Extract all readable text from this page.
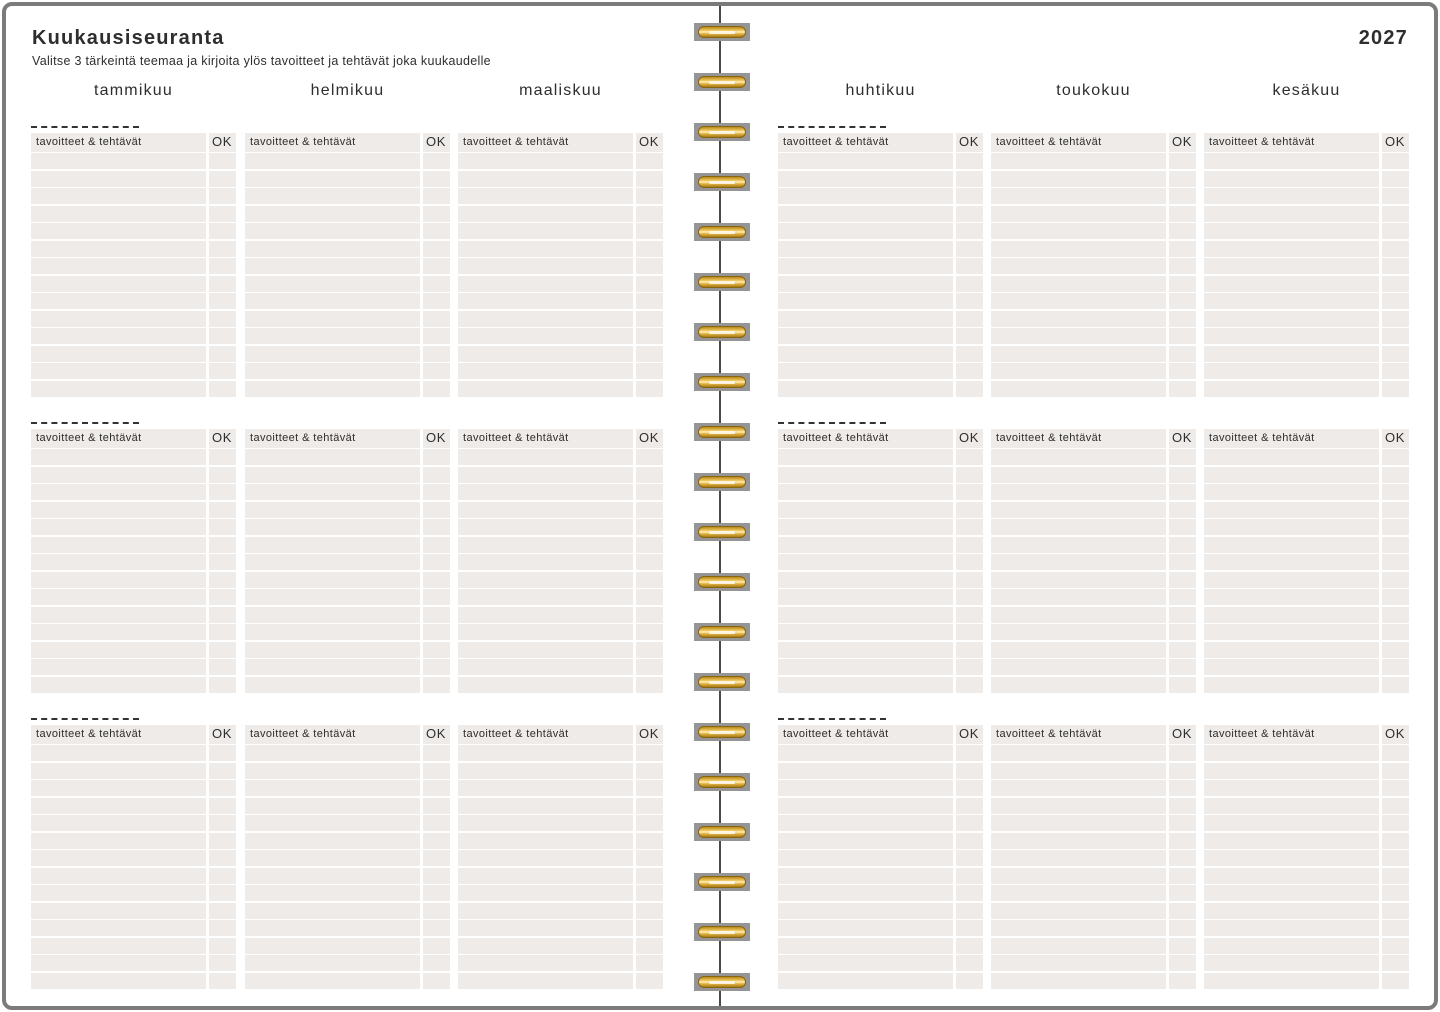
Kuukausiseuranta
Valitse 3 tärkeintä teemaa ja kirjoita ylös tavoitteet ja tehtävät joka kuukaudelle
2027
tammikuu	helmikuu	maaliskuu	huhtikuu	toukokuu	kesäkuu
tavoitteet & tehtävät	OK tavoitteet & tehtävät	OK tavoitteet & tehtävät	OK	tavoitteet & tehtävät	OK tavoitteet & tehtävät	OK tavoitteet & tehtävät	OK
tavoitteet & tehtävät	OK tavoitteet & tehtävät	OK tavoitteet & tehtävät	OK	tavoitteet & tehtävät	OK tavoitteet & tehtävät	OK tavoitteet & tehtävät	OK
tavoitteet & tehtävät	OK tavoitteet & tehtävät	OK tavoitteet & tehtävät	OK	tavoitteet & tehtävät	OK tavoitteet & tehtävät	OK tavoitteet & tehtävät	OK
